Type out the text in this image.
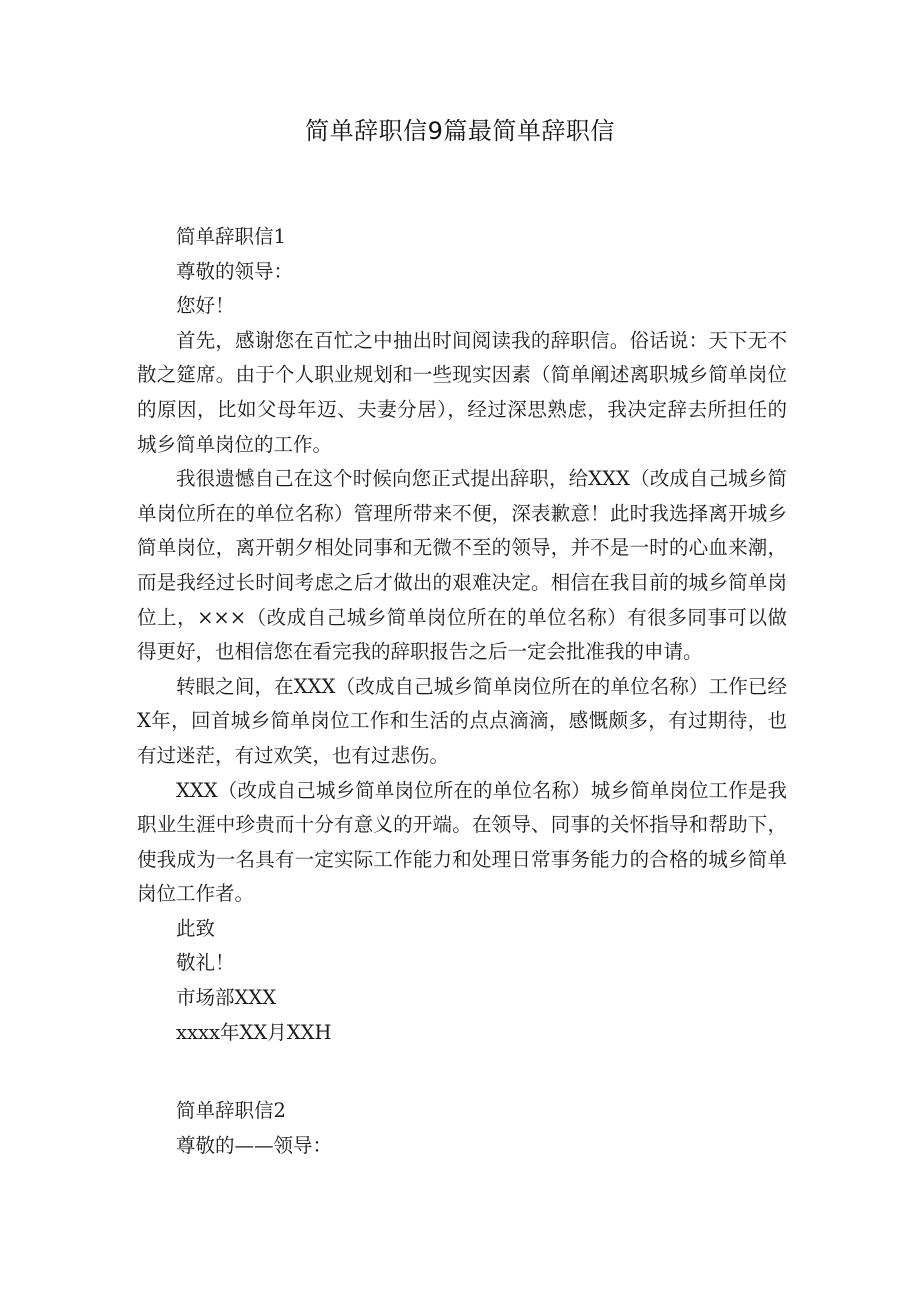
简单辞职信9篇最简单辞职信

简单辞职信1

尊敬的领导：

您好！

首先，感谢您在百忙之中抽出时间阅读我的辞职信。俗话说：天下无不散之筵席。由于个人职业规划和一些现实因素（简单阐述离职城乡简单岗位的原因，比如父母年迈、夫妻分居），经过深思熟虑，我决定辞去所担任的城乡简单岗位的工作。

我很遗憾自己在这个时候向您正式提出辞职，给XXX（改成自己城乡简单岗位所在的单位名称）管理所带来不便，深表歉意！此时我选择离开城乡简单岗位，离开朝夕相处同事和无微不至的领导，并不是一时的心血来潮，而是我经过长时间考虑之后才做出的艰难决定。相信在我目前的城乡简单岗位上，×××（改成自己城乡简单岗位所在的单位名称）有很多同事可以做得更好，也相信您在看完我的辞职报告之后一定会批准我的申请。

转眼之间，在XXX（改成自己城乡简单岗位所在的单位名称）工作已经X年，回首城乡简单岗位工作和生活的点点滴滴，感慨颇多，有过期待，也有过迷茫，有过欢笑，也有过悲伤。

XXX（改成自己城乡简单岗位所在的单位名称）城乡简单岗位工作是我职业生涯中珍贵而十分有意义的开端。在领导、同事的关怀指导和帮助下，使我成为一名具有一定实际工作能力和处理日常事务能力的合格的城乡简单岗位工作者。

此致

敬礼！

市场部XXX

xxxx年XX月XXH

简单辞职信2

尊敬的——领导：
